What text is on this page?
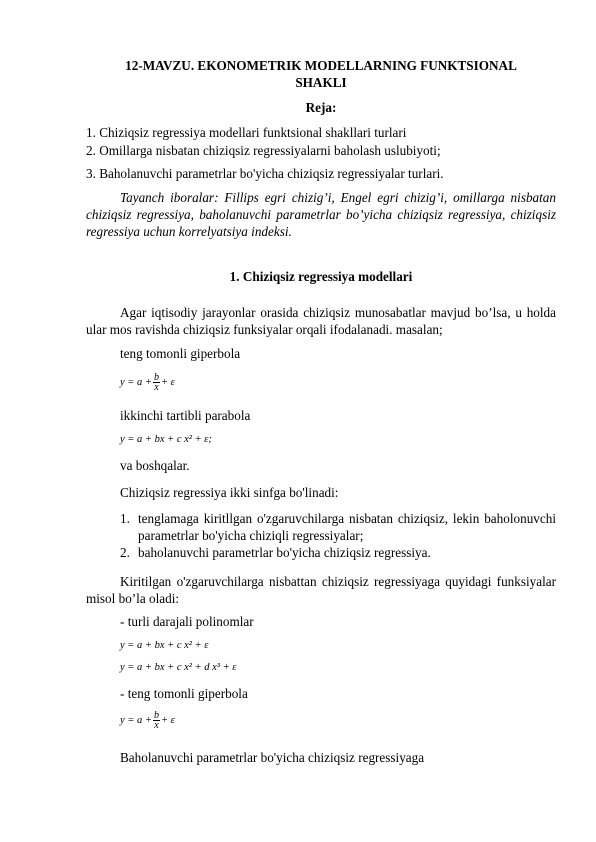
12-MAVZU. EKONOMETRIK MODELLARNING FUNKTSIONAL SHAKLI
Reja:
1. Chiziqsiz regressiya modellari funktsional shakllari turlari
2. Omillarga nisbatan chiziqsiz regressiyalarni baholash uslubiyoti;
3. Baholanuvchi parametrlar bo'yicha chiziqsiz regressiyalar turlari.
Tayanch iboralar: Fillips egri chizig’i, Engel egri chizig’i, omillarga nisbatan chiziqsiz regressiya, baholanuvchi parametrlar bo’yicha chiziqsiz regressiya, chiziqsiz regressiya uchun korrelyatsiya indeksi.
1. Chiziqsiz regressiya modellari
Agar iqtisodiy jarayonlar orasida chiziqsiz munosabatlar mavjud bo’lsa, u holda ular mos ravishda chiziqsiz funksiyalar orqali ifodalanadi. masalan;
teng tomonli giperbola
$y = a + \frac{b}{x} + \varepsilon$
ikkinchi tartibli parabola
y = a + bx + c x² + ε;
va boshqalar.
Chiziqsiz regressiya ikki sinfga bo'linadi:
1. tenglamaga kiritllgan o'zgaruvchilarga nisbatan chiziqsiz, lekin baholonuvchi parametrlar bo'yicha chiziqli regressiyalar;
2. baholanuvchi parametrlar bo'yicha chiziqsiz regressiya.
Kiritilgan o'zgaruvchilarga nisbattan chiziqsiz regressiyaga quyidagi funksiyalar misol bo’la oladi:
- turli darajali polinomlar
y = a + bx + c x² + ε
y = a + bx + c x² + d x³ + ε
- teng tomonli giperbola
$y = a + \frac{b}{x} + \varepsilon$
Baholanuvchi parametrlar bo'yicha chiziqsiz regressiyaga
